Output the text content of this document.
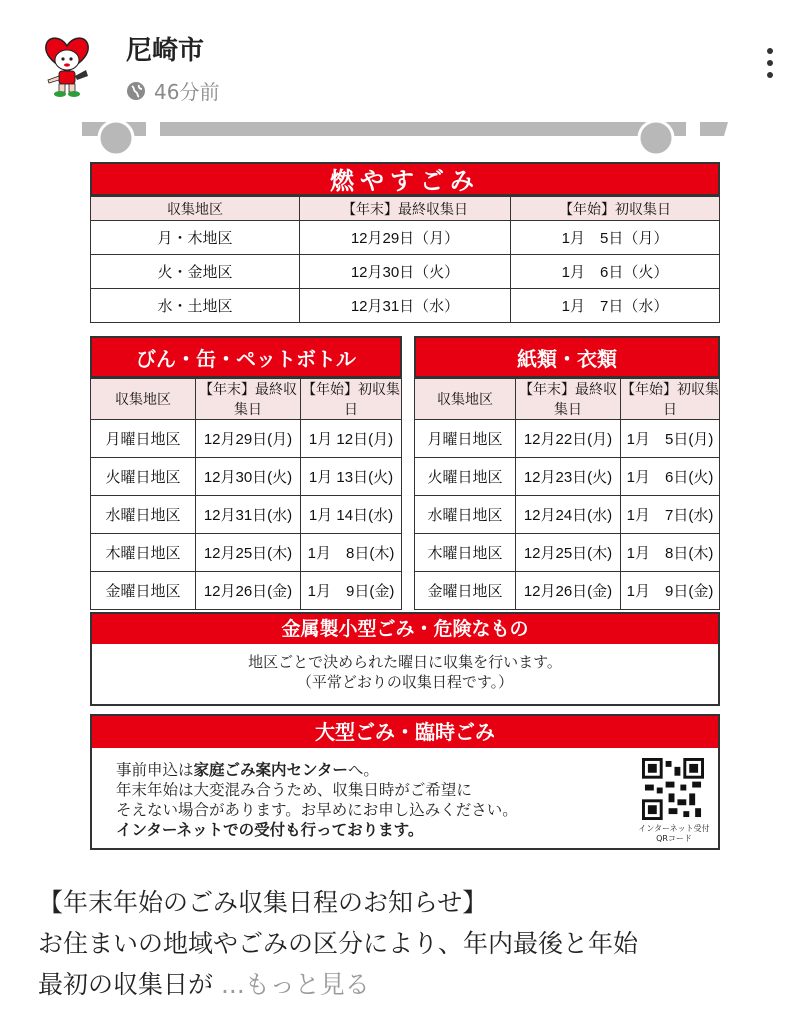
尼崎市
46分前
燃やすごみ
収集地区	【年末】最終収集日	【年始】初収集日
月・木地区	12月29日（月）	1月　5日（月）
火・金地区	12月30日（火）	1月　6日（火）
水・土地区	12月31日（水）	1月　7日（水）
びん・缶・ペットボトル
収集地区	【年末】最終収集日	【年始】初収集日
月曜日地区	12月29日(月)	1月 12日(月)
火曜日地区	12月30日(火)	1月 13日(火)
水曜日地区	12月31日(水)	1月 14日(水)
木曜日地区	12月25日(木)	1月　8日(木)
金曜日地区	12月26日(金)	1月　9日(金)
紙類・衣類
収集地区	【年末】最終収集日	【年始】初収集日
月曜日地区	12月22日(月)	1月　5日(月)
火曜日地区	12月23日(火)	1月　6日(火)
水曜日地区	12月24日(水)	1月　7日(水)
木曜日地区	12月25日(木)	1月　8日(木)
金曜日地区	12月26日(金)	1月　9日(金)
金属製小型ごみ・危険なもの
地区ごとで決められた曜日に収集を行います。
（平常どおりの収集日程です。）
大型ごみ・臨時ごみ
事前申込は家庭ごみ案内センターへ。
年末年始は大変混み合うため、収集日時がご希望に
そえない場合があります。お早めにお申し込みください。
インターネットでの受付も行っております。	インターネット受付
QRコード

【年末年始のごみ収集日程のお知らせ】

お住まいの地域やごみの区分により、年内最後と年始

最初の収集日が ...もっと見る
